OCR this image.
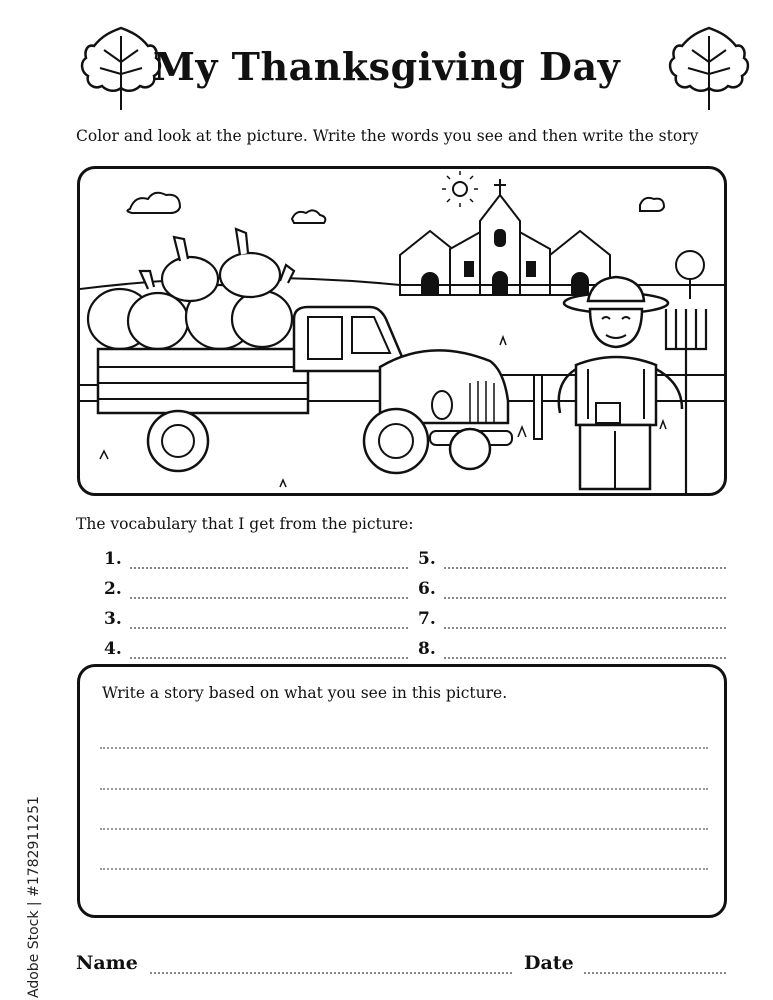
My Thanksgiving Day
Color and look at the picture. Write the words you see and then write the story
The vocabulary that I get from the picture:
1.
2.
3.
4.
5.
6.
7.
8.
Write a story based on what you see in this picture.
Name	Date
Adobe Stock | #1782911251
